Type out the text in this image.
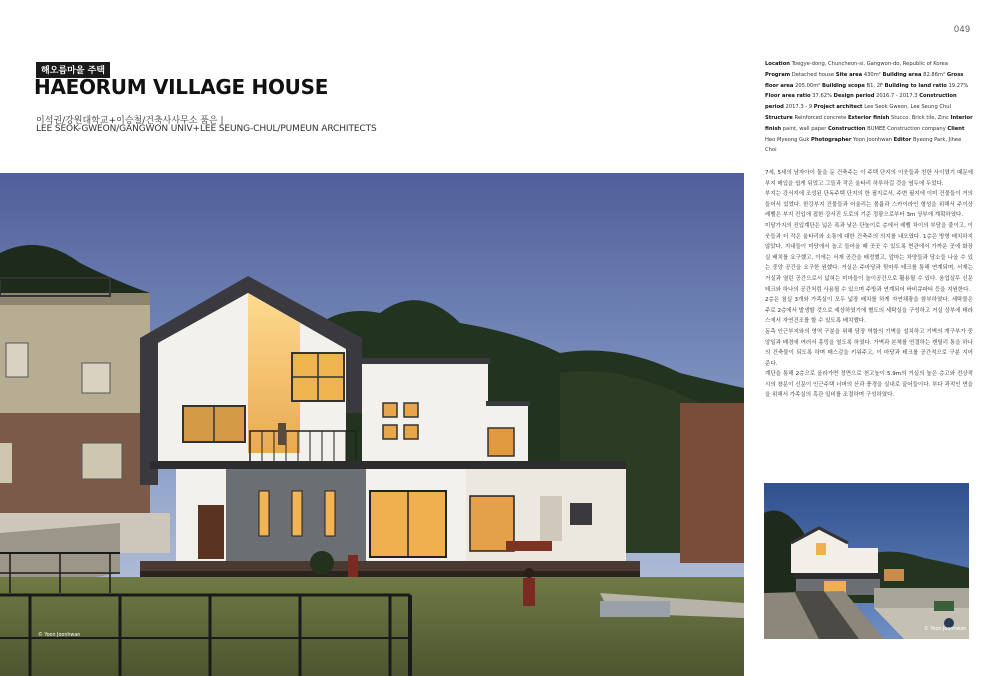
049
해오름마을 주택
HAEORUM VILLAGE HOUSE
이석권/강원대학교+이승철/건축사사무소 품은 |
LEE SEOK-GWEON/GANGWON UNIV+LEE SEUNG-CHUL/PUMEUN ARCHITECTS
Location Toegye-dong, Chuncheon-si, Gangwon-do, Republic of Korea Program Detached house Site area 430m² Building area 82.86m² Gross floor area 205.00m² Building scope B1, 2F Building to land ratio 19.27% Floor area ratio 37.62% Design period 2016.7 - 2017.3 Construction period 2017.3 - 9 Project architect Lee Seok Gweon, Lee Seung Chul Structure Reinforced concrete Exterior finish Stucco, Brick tile, Zinc Interior finish paint, wall paper Construction BUMEE Construction company Client Heo Myeong Guk Photographer Yoon Joonhwan Editor Byeong Park, Jihee Choi

7세, 5세의 남자아이 둘을 둔 건축주는 이 주택 단지의 이웃들과 친한 사이였기 때문에 부지 매입을 쉽게 뒤었고 그들과 작은 울타리 하루하길 것을 염두에 두었다.

부지는 강서지에 조성된 단독주택 단지의 한 필지로서, 주변 필지에 이미 건물들이 거의 들어서 있었다. 한강부지 건물들과 어울리는 볼륨과 스카이라인 형성을 위해서 주이상 레벨은 부지 진입에 접한 강서진 도로의 기준 정광으로부터 3m 상부에 계획하였다.

미달가지의 진입계단은 넓은 폭과 낮은 단높이로 층에서 레벨 차이의 부담을 줄이고, 이웃들과 더 작은 울타리와 소통에 대한 건축주의 의지를 내오였다. 1층은 방형 배치하지 않았다. 지내들이 미당에서 놀고 들어올 때 곳곳 수 있도록 현관에서 가까운 곳에 화장실 배치를 요구했고, 이에는 서재 공간을 배정했고, 앞마는 차양들과 당소들 나올 수 있는 중앙 공간을 요구한 원했다. 거실은 주마당과 뒷마루 테크를 통해 연계되며, 서재는 거실과 열린 공간으로서 넓혀는 미마들이 놀이공간으로 활용될 수 있다. 움업실무 신문 테크와 하나의 공간처럼 사용될 수 있으며 주방과 연계되어 바비큐파티 등을 지원한다.

2층은 침실 3개와 가족실이 모두 넓장 배치를 하게 자연채광을 함부하였다. 세탁물은 주로 2층에서 발생할 것으로 예상하였기에 별도의 세탁실을 구성하고 거실 상부에 테라스에서 자연건조를 할 수 있도록 배치했다.

동측 인근부지와의 영역 구분을 위해 담장 역할의 기벽을 설치하고 기벽의 개구부가 중앙일과 배경에 여러서 흥밍을 열도록 하였다. 가벽과 본체를 연결하는 캔틸리 통을 하나의 건축물이 되도록 하며 매스감을 키워주고, 이 마당과 테크를 공간적으로 구분 지어 준다.

계단을 통해 2층으로 올라가면 정면으로 천고높이 5.9m의 거실의 높은 층고와 전상적시의 창문이 신문이 인근주택 너머의 산과 풍경을 실내로 끌어들이다. 부다 곽적인 면을을 위해서 가족실의 흑관 일비를 조절하며 구성하였다.

© Yoon Joonhwan
© Yoon Joonhwan
